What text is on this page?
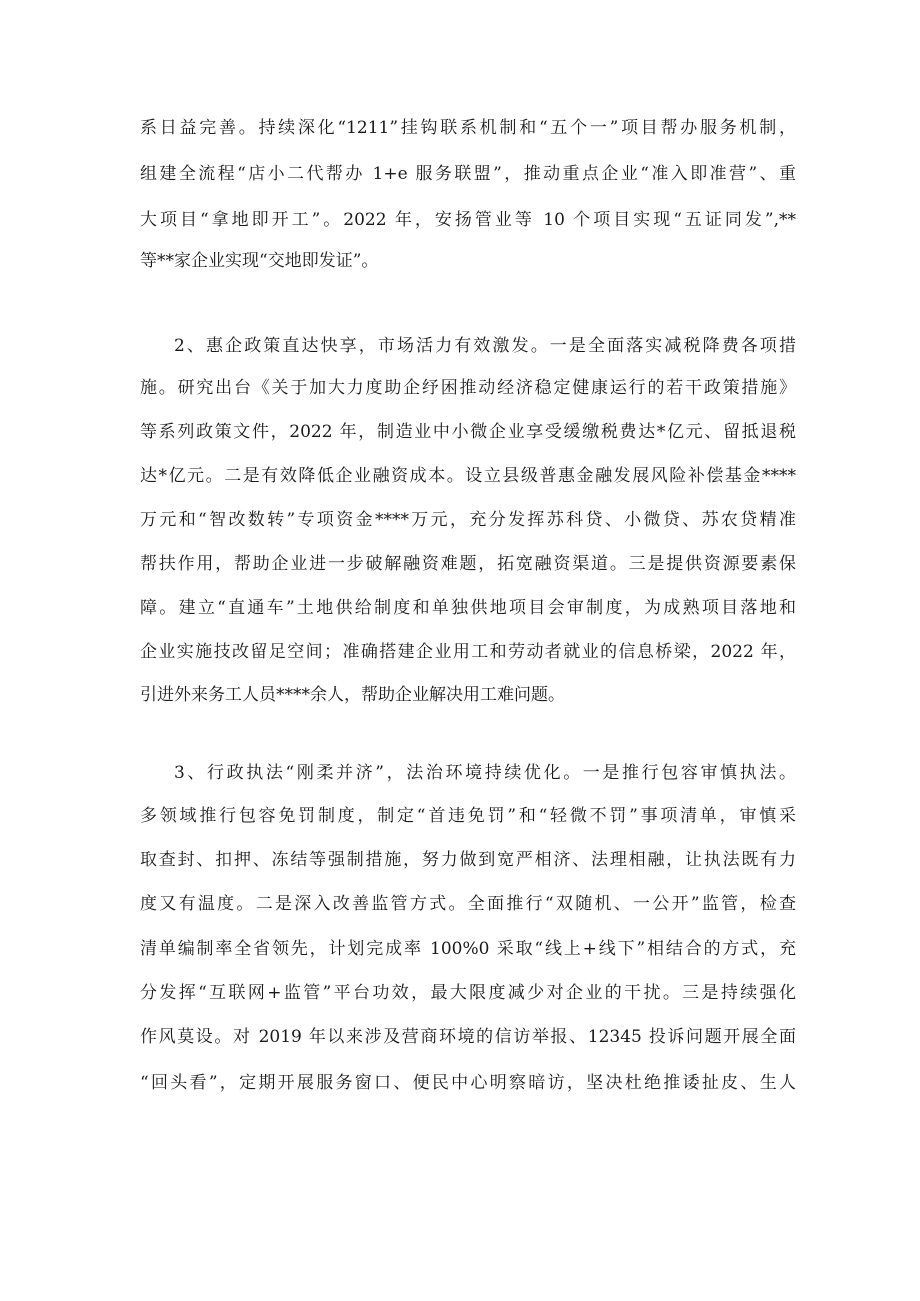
系日益完善。持续深化“1211”挂钩联系机制和“五个一”项目帮办服务机制，
组建全流程“店小二代帮办 1+e 服务联盟”，推动重点企业“准入即准营”、重
大项目“拿地即开工”。2022 年，安扬管业等 10 个项目实现“五证同发”,**
等**家企业实现“交地即发证”。
2、惠企政策直达快享，市场活力有效激发。一是全面落实减税降费各项措
施。研究出台《关于加大力度助企纾困推动经济稳定健康运行的若干政策措施》
等系列政策文件，2022 年，制造业中小微企业享受缓缴税费达*亿元、留抵退税
达*亿元。二是有效降低企业融资成本。设立县级普惠金融发展风险补偿基金****
万元和“智改数转”专项资金****万元，充分发挥苏科贷、小微贷、苏农贷精准
帮扶作用，帮助企业进一步破解融资难题，拓宽融资渠道。三是提供资源要素保
障。建立“直通车”土地供给制度和单独供地项目会审制度，为成熟项目落地和
企业实施技改留足空间；准确搭建企业用工和劳动者就业的信息桥梁，2022 年，
引进外来务工人员****余人，帮助企业解决用工难问题。
3、行政执法“刚柔并济”，法治环境持续优化。一是推行包容审慎执法。
多领域推行包容免罚制度，制定“首违免罚”和“轻微不罚”事项清单，审慎采
取查封、扣押、冻结等强制措施，努力做到宽严相济、法理相融，让执法既有力
度又有温度。二是深入改善监管方式。全面推行“双随机、一公开”监管，检查
清单编制率全省领先，计划完成率 100%0 采取“线上+线下”相结合的方式，充
分发挥“互联网+监管”平台功效，最大限度减少对企业的干扰。三是持续强化
作风莫设。对 2019 年以来涉及营商环境的信访举报、12345 投诉问题开展全面
“回头看”，定期开展服务窗口、便民中心明察暗访，坚决杜绝推诿扯皮、生人
